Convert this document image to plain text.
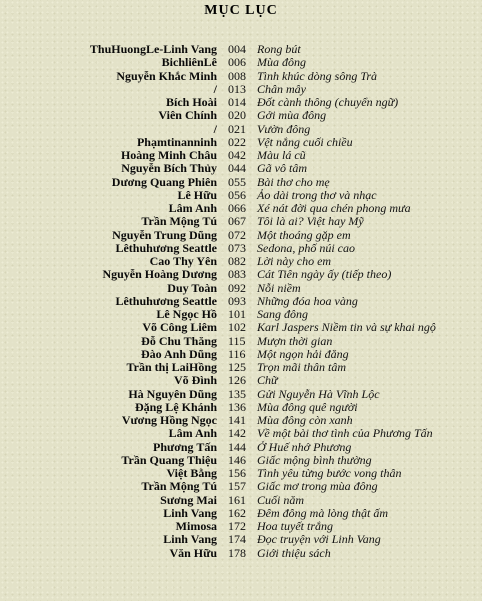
MỤC LỤC
ThuHuongLe-Linh Vang 004 Rong bút
BichliênLê 006 Mùa đông
Nguyễn Khắc Minh 008 Tình khúc dòng sông Trà
/ 013 Chân mây
Bích Hoài 014 Đốt cành thông (chuyển ngữ)
Viên Chính 020 Gởi mùa đông
/ 021 Vườn đông
Phạmtinanninh 022 Vệt nắng cuối chiều
Hoàng Minh Châu 042 Màu lá cũ
Nguyễn Bích Thủy 044 Gã vô tâm
Dương Quang Phiên 055 Bài thơ cho mẹ
Lê Hữu 056 Ảo dài trong thơ và nhạc
Lâm Anh 066 Xé nát đời qua chén phong mưa
Trần Mộng Tú 067 Tôi là ai? Việt hay Mỹ
Nguyễn Trung Dũng 072 Một thoáng gặp em
Lêthuhương Seattle 073 Sedona, phố núi cao
Cao Thy Yên 082 Lời này cho em
Nguyễn Hoàng Dương 083 Cát Tiên ngày ấy (tiếp theo)
Duy Toàn 092 Nỗi niềm
Lêthuhương Seattle 093 Những đóa hoa vàng
Lê Ngọc Hồ 101 Sang đông
Võ Công Liêm 102 Karl Jaspers Niềm tin và sự khai ngộ
Đỗ Chu Thăng 115 Mượn thời gian
Đào Anh Dũng 116 Một ngọn hải đăng
Trần thị LaiHồng 125 Trọn mãi thân tâm
Võ Đình 126 Chữ
Hà Nguyên Dũng 135 Gửi Nguyễn Hà Vĩnh Lộc
Đặng Lệ Khánh 136 Mùa đông quê người
Vương Hồng Ngọc 141 Mùa đông còn xanh
Lâm Anh 142 Về một bài thơ tình của Phương Tấn
Phương Tấn 144 Ở Huế nhớ Phương
Trần Quang Thiệu 146 Giấc mộng bình thường
Việt Bằng 156 Tình yêu từng bước vong thân
Trần Mộng Tú 157 Giấc mơ trong mùa đông
Sương Mai 161 Cuối năm
Linh Vang 162 Đêm đông mà lòng thật ấm
Mimosa 172 Hoa tuyết trắng
Linh Vang 174 Đọc truyện với Linh Vang
Văn Hữu 178 Giới thiệu sách
